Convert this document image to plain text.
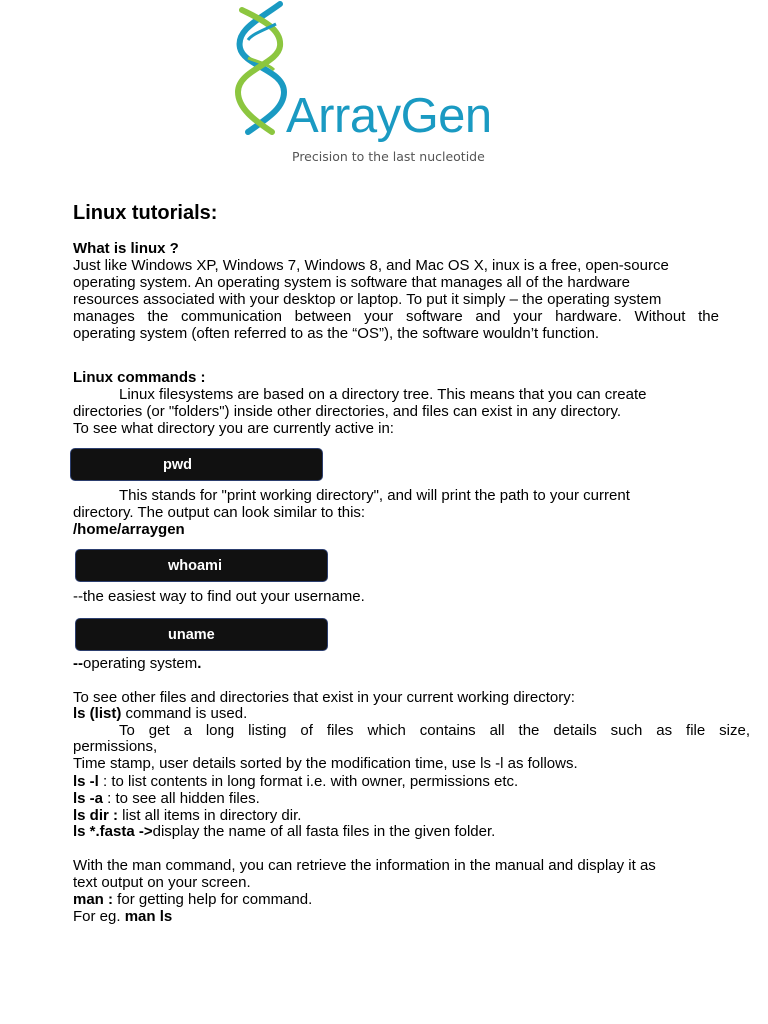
ArrayGen
Precision to the last nucleotide
Linux tutorials:
What is linux ?
Just like Windows XP, Windows 7, Windows 8, and Mac OS X, inux is a free, open-source
operating system. An operating system is software that manages all of the hardware
resources associated with your desktop or laptop. To put it simply – the operating system
manages the communication between your software and your hardware. Without the
operating system (often referred to as the “OS”), the software wouldn’t function.
Linux commands :
Linux filesystems are based on a directory tree. This means that you can create
directories (or "folders") inside other directories, and files can exist in any directory.
To see what directory you are currently active in:
pwd
This stands for "print working directory", and will print the path to your current
directory. The output can look similar to this:
/home/arraygen
whoami
--the easiest way to find out your username.
uname
--operating system.
To see other files and directories that exist in your current working directory:
ls (list) command is used.
To get a long listing of files which contains all the details such as file size,
permissions,
Time stamp, user details sorted by the modification time, use ls -l as follows.
ls -l : to list contents in long format i.e. with owner, permissions etc.
ls -a : to see all hidden files.
ls dir : list all items in directory dir.
ls *.fasta ->display the name of all fasta files in the given folder.
With the man command, you can retrieve the information in the manual and display it as
text output on your screen.
man : for getting help for command.
For eg. man ls
